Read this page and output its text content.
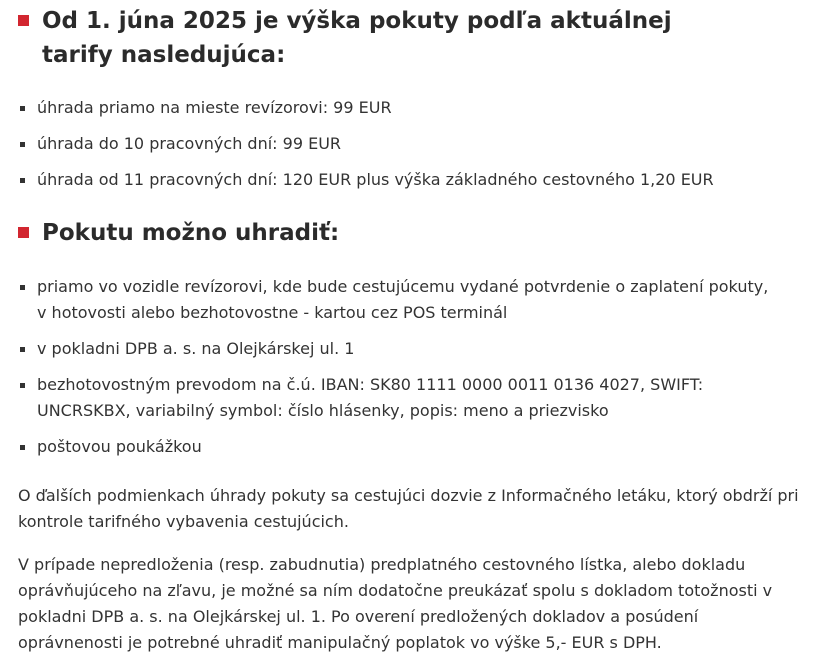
Od 1. júna 2025 je výška pokuty podľa aktuálnej tarify nasledujúca:
úhrada priamo na mieste revízorovi: 99 EUR
úhrada do 10 pracovných dní: 99 EUR
úhrada od 11 pracovných dní: 120 EUR plus výška základného cestovného 1,20 EUR
Pokutu možno uhradiť:
priamo vo vozidle revízorovi, kde bude cestujúcemu vydané potvrdenie o zaplatení pokuty, v hotovosti alebo bezhotovostne - kartou cez POS terminál
v pokladni DPB a. s. na Olejkárskej ul. 1
bezhotovostným prevodom na č.ú. IBAN: SK80 1111 0000 0011 0136 4027, SWIFT: UNCRSKBX, variabilný symbol: číslo hlásenky, popis: meno a priezvisko
poštovou poukážkou

O ďalších podmienkach úhrady pokuty sa cestujúci dozvie z Informačného letáku, ktorý obdrží pri kontrole tarifného vybavenia cestujúcich.

V prípade nepredloženia (resp. zabudnutia) predplatného cestovného lístka, alebo dokladu oprávňujúceho na zľavu, je možné sa ním dodatočne preukázať spolu s dokladom totožnosti v pokladni DPB a. s. na Olejkárskej ul. 1. Po overení predložených dokladov a posúdení oprávnenosti je potrebné uhradiť manipulačný poplatok vo výške 5,- EUR s DPH.
